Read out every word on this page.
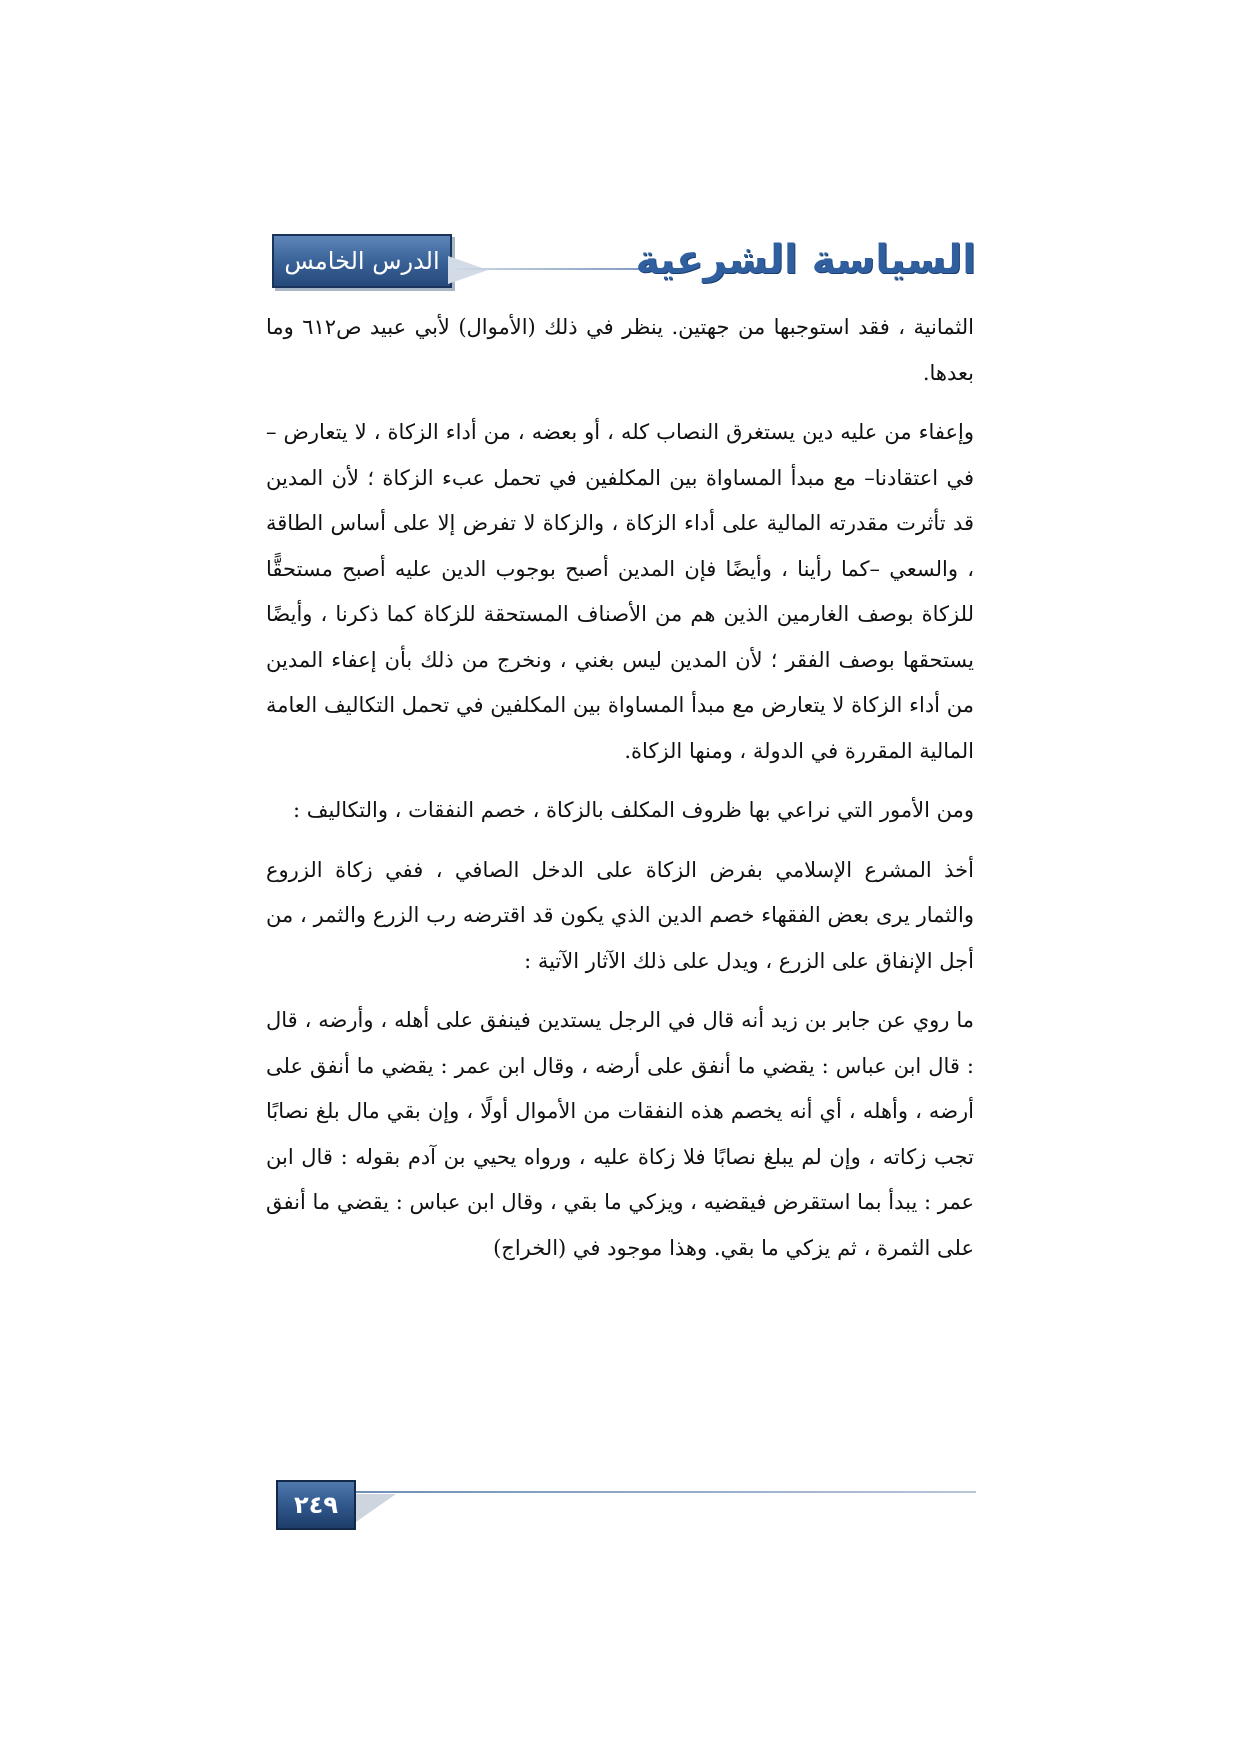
الدرس الخامس	السياسة الشرعية

الثمانية ، فقد استوجبها من جهتين. ينظر في ذلك (الأموال) لأبي عبيد ص٦١٢ وما بعدها.

وإعفاء من عليه دين يستغرق النصاب كله ، أو بعضه ، من أداء الزكاة ، لا يتعارض –في اعتقادنا– مع مبدأ المساواة بين المكلفين في تحمل عبء الزكاة ؛ لأن المدين قد تأثرت مقدرته المالية على أداء الزكاة ، والزكاة لا تفرض إلا على أساس الطاقة ، والسعي –كما رأينا ، وأيضًا فإن المدين أصبح بوجوب الدين عليه أصبح مستحقًّا للزكاة بوصف الغارمين الذين هم من الأصناف المستحقة للزكاة كما ذكرنا ، وأيضًا يستحقها بوصف الفقر ؛ لأن المدين ليس بغني ، ونخرج من ذلك بأن إعفاء المدين من أداء الزكاة لا يتعارض مع مبدأ المساواة بين المكلفين في تحمل التكاليف العامة المالية المقررة في الدولة ، ومنها الزكاة.

ومن الأمور التي نراعي بها ظروف المكلف بالزكاة ، خصم النفقات ، والتكاليف :

أخذ المشرع الإسلامي بفرض الزكاة على الدخل الصافي ، ففي زكاة الزروع والثمار يرى بعض الفقهاء خصم الدين الذي يكون قد اقترضه رب الزرع والثمر ، من أجل الإنفاق على الزرع ، ويدل على ذلك الآثار الآتية :

ما روي عن جابر بن زيد أنه قال في الرجل يستدين فينفق على أهله ، وأرضه ، قال : قال ابن عباس : يقضي ما أنفق على أرضه ، وقال ابن عمر : يقضي ما أنفق على أرضه ، وأهله ، أي أنه يخصم هذه النفقات من الأموال أولًا ، وإن بقي مال بلغ نصابًا تجب زكاته ، وإن لم يبلغ نصابًا فلا زكاة عليه ، ورواه يحيي بن آدم بقوله : قال ابن عمر : يبدأ بما استقرض فيقضيه ، ويزكي ما بقي ، وقال ابن عباس : يقضي ما أنفق على الثمرة ، ثم يزكي ما بقي. وهذا موجود في (الخراج)

٢٤٩
